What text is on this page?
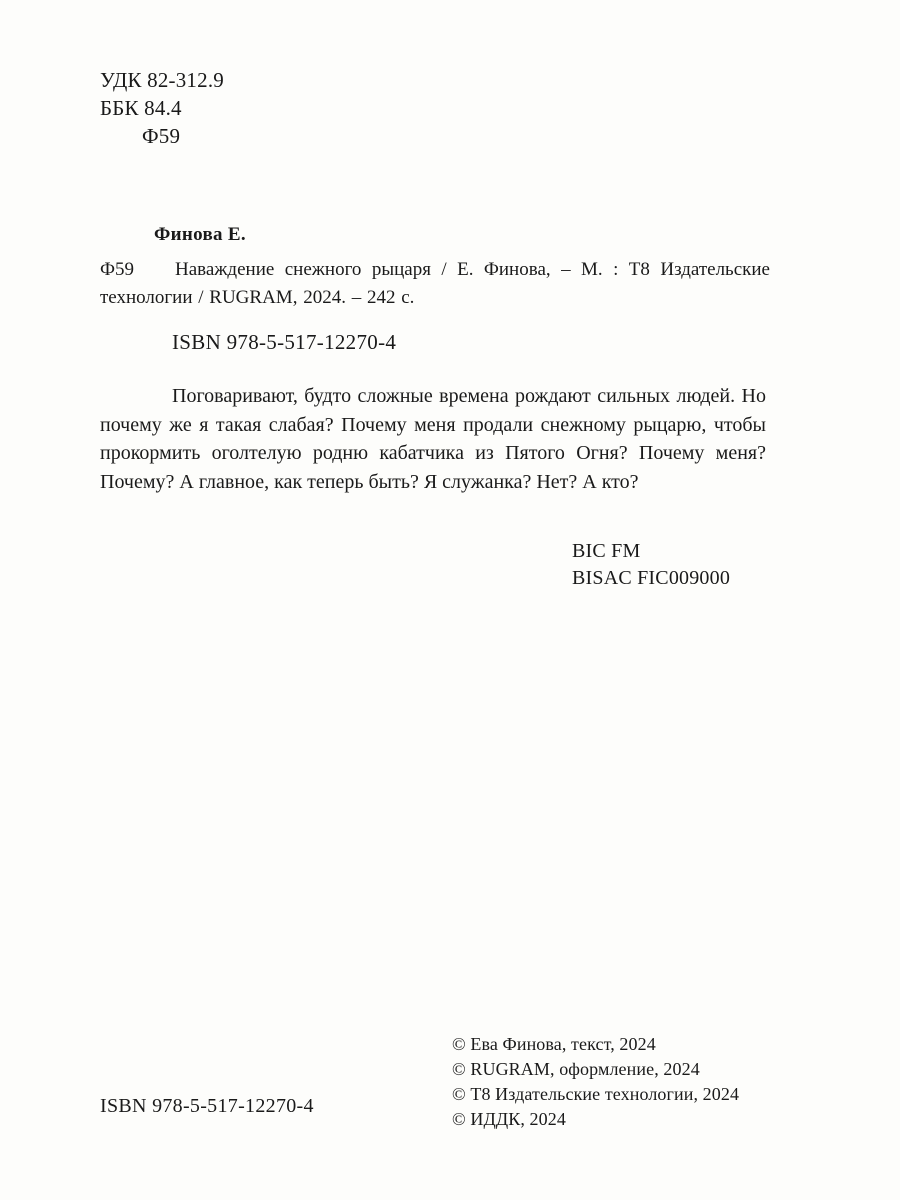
УДК 82-312.9
ББК 84.4
Ф59
Финова Е.
Ф59	Наваждение снежного рыцаря / Е. Финова, – М. : Т8 Издательские технологии / RUGRAM, 2024. – 242 с.
ISBN 978-5-517-12270-4
Поговаривают, будто сложные времена рождают сильных людей. Но почему же я такая слабая? Почему меня продали снежному рыцарю, чтобы прокормить оголтелую родню кабатчика из Пятого Огня? Почему меня? Почему? А главное, как теперь быть? Я служанка? Нет? А кто?
BIC FM
BISAC FIC009000
© Ева Финова, текст, 2024
© RUGRAM, оформление, 2024
© Т8 Издательские технологии, 2024
© ИДДК, 2024
ISBN 978-5-517-12270-4
